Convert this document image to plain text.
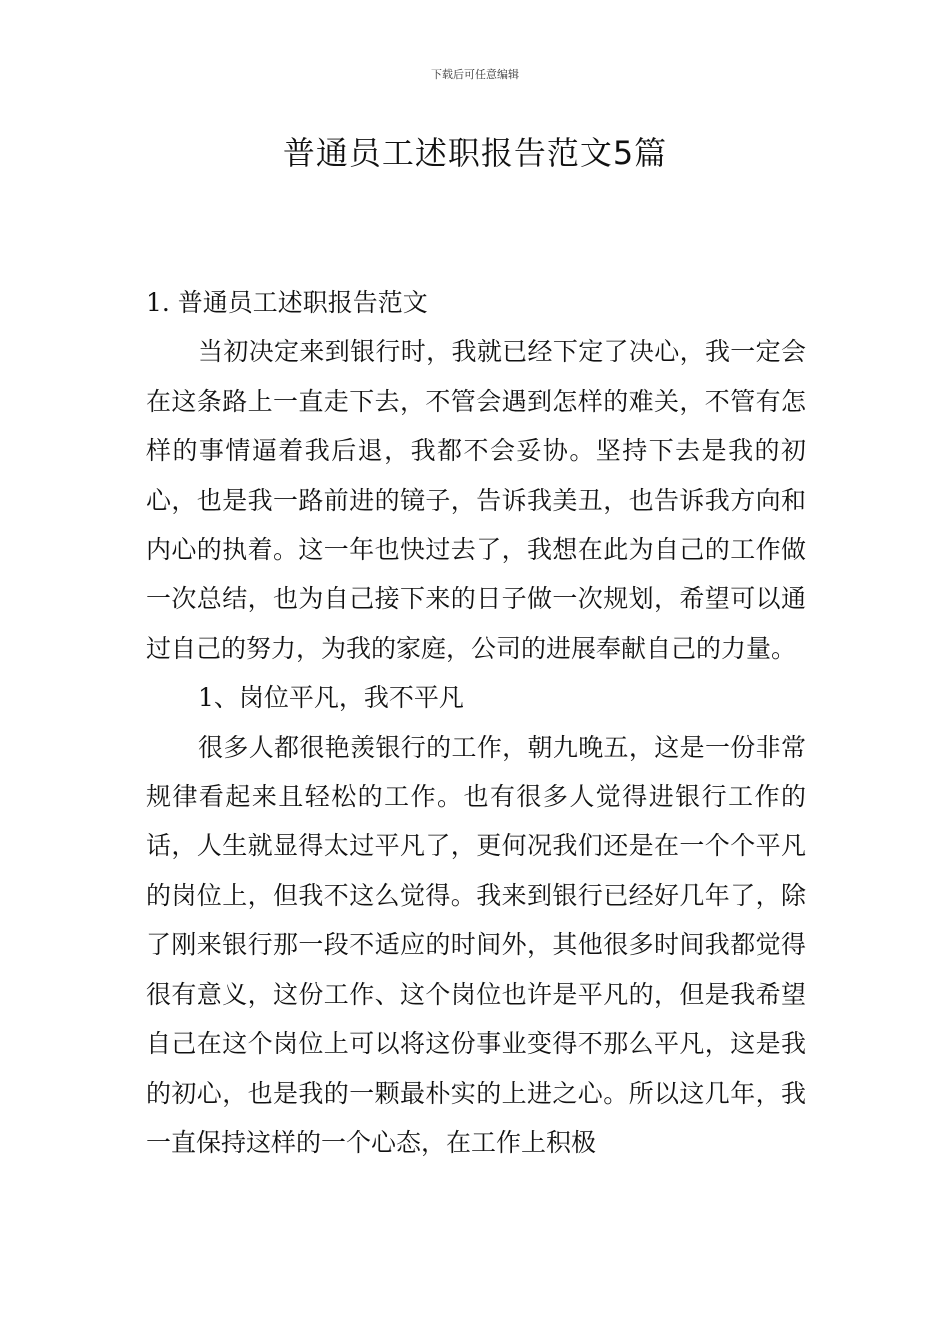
下载后可任意编辑
普通员工述职报告范文5篇

1. 普通员工述职报告范文

当初决定来到银行时，我就已经下定了决心，我一定会在这条路上一直走下去，不管会遇到怎样的难关，不管有怎样的事情逼着我后退，我都不会妥协。坚持下去是我的初心，也是我一路前进的镜子，告诉我美丑，也告诉我方向和内心的执着。这一年也快过去了，我想在此为自己的工作做一次总结，也为自己接下来的日子做一次规划，希望可以通过自己的努力，为我的家庭，公司的进展奉献自己的力量。

1、岗位平凡，我不平凡

很多人都很艳羡银行的工作，朝九晚五，这是一份非常规律看起来且轻松的工作。也有很多人觉得进银行工作的话，人生就显得太过平凡了，更何况我们还是在一个个平凡的岗位上，但我不这么觉得。我来到银行已经好几年了，除了刚来银行那一段不适应的时间外，其他很多时间我都觉得很有意义，这份工作、这个岗位也许是平凡的，但是我希望自己在这个岗位上可以将这份事业变得不那么平凡，这是我的初心，也是我的一颗最朴实的上进之心。所以这几年，我一直保持这样的一个心态，在工作上积极
